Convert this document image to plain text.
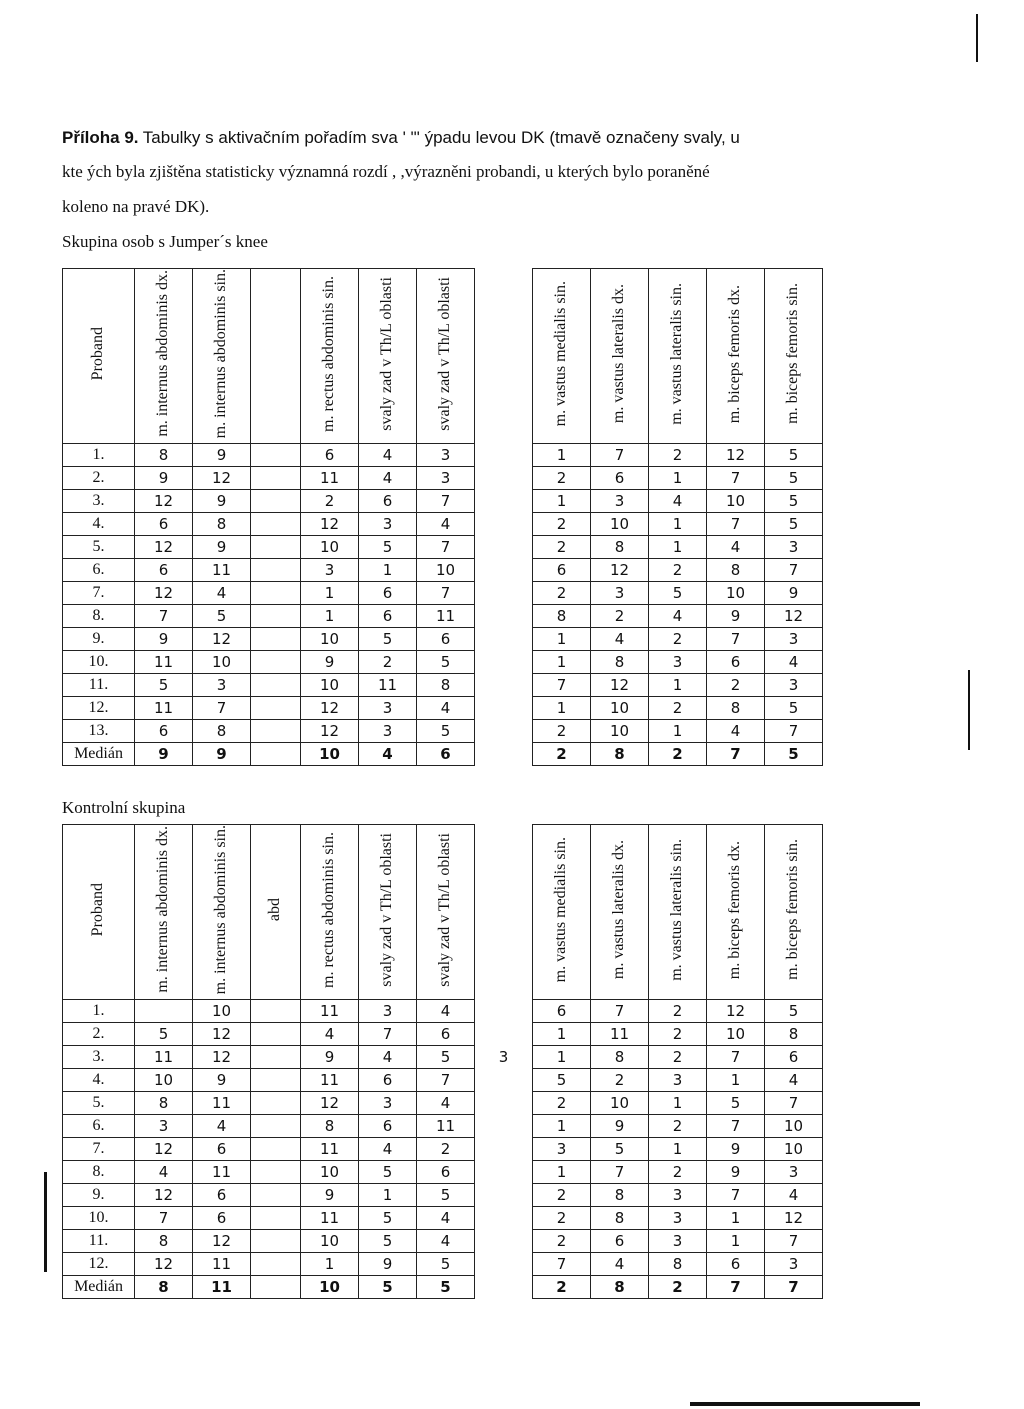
Příloha 9. Tabulky s aktivačním pořadím sva ' "' ýpadu levou DK (tmavě označeny svaly, u
kte ých byla zjištěna statisticky významná rozdí , ,výrazněni probandi, u kterých bylo poraněné
koleno na pravé DK).
Skupina osob s Jumper´s knee
Proband	m. internus abdominis dx.	m. internus abdominis sin.		m. rectus abdominis sin.	svaly zad v Th/L oblasti	svaly zad v Th/L oblasti		m. vastus medialis sin.	m. vastus lateralis dx.	m. vastus lateralis sin.	m. biceps femoris dx.	m. biceps femoris sin.
1.	8	9		6	4	3		1	7	2	12	5
2.	9	12		11	4	3		2	6	1	7	5
3.	12	9		2	6	7		1	3	4	10	5
4.	6	8		12	3	4		2	10	1	7	5
5.	12	9		10	5	7		2	8	1	4	3
6.	6	11		3	1	10		6	12	2	8	7
7.	12	4		1	6	7		2	3	5	10	9
8.	7	5		1	6	11		8	2	4	9	12
9.	9	12		10	5	6		1	4	2	7	3
10.	11	10		9	2	5		1	8	3	6	4
11.	5	3		10	11	8		7	12	1	2	3
12.	11	7		12	3	4		1	10	2	8	5
13.	6	8		12	3	5		2	10	1	4	7
Medián	9	9		10	4	6		2	8	2	7	5
Kontrolní skupina
Proband	m. internus abdominis dx.	m. internus abdominis sin.	abd	m. rectus abdominis sin.	svaly zad v Th/L oblasti	svaly zad v Th/L oblasti		m. vastus medialis sin.	m. vastus lateralis dx.	m. vastus lateralis sin.	m. biceps femoris dx.	m. biceps femoris sin.
1.		10		11	3	4		6	7	2	12	5
2.	5	12		4	7	6		1	11	2	10	8
3.	11	12		9	4	5	3	1	8	2	7	6
4.	10	9		11	6	7		5	2	3	1	4
5.	8	11		12	3	4		2	10	1	5	7
6.	3	4		8	6	11		1	9	2	7	10
7.	12	6		11	4	2		3	5	1	9	10
8.	4	11		10	5	6		1	7	2	9	3
9.	12	6		9	1	5		2	8	3	7	4
10.	7	6		11	5	4		2	8	3	1	12
11.	8	12		10	5	4		2	6	3	1	7
12.	12	11		1	9	5		7	4	8	6	3
Medián	8	11		10	5	5		2	8	2	7	7
